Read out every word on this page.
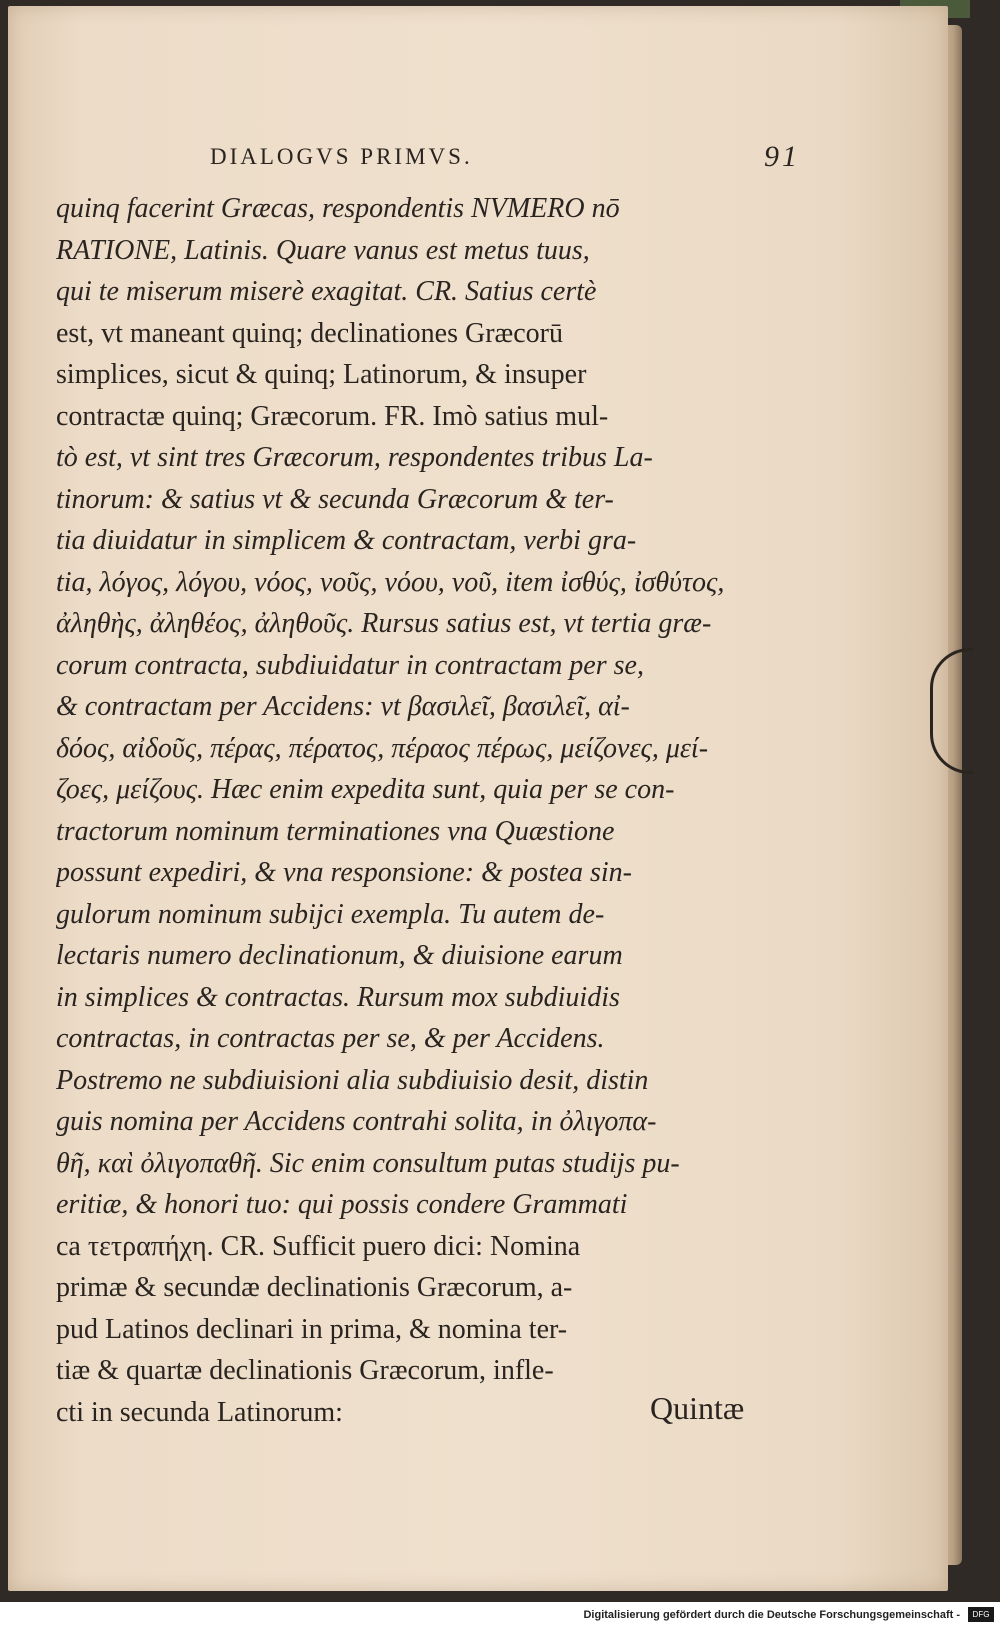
DIALOGVS PRIMVS.	91
quinq facerint Græcas, respondentis NVMERO nō
RATIONE, Latinis. Quare vanus est metus tuus,
qui te miserum miserè exagitat. CR. Satius certè
est, vt maneant quinq; declinationes Græcorū
simplices, sicut & quinq; Latinorum, & insuper
contractæ quinq; Græcorum. FR. Imò satius mul-
tò est, vt sint tres Græcorum, respondentes tribus La-
tinorum: & satius vt & secunda Græcorum & ter-
tia diuidatur in simplicem & contractam, verbi gra-
tia, λόγος, λόγου, νόος, νοῦς, νόου, νοῦ, item ἰσθύς, ἰσθύτος,
ἀληθὴς, ἀληθέος, ἀληθοῦς. Rursus satius est, vt tertia græ-
corum contracta, subdiuidatur in contractam per se,
& contractam per Accidens: vt βασιλεῖ, βασιλεῖ, αἰ-
δόος, αἰδοῦς, πέρας, πέρατος, πέραος πέρως, μείζονες, μεί-
ζοες, μείζους. Hæc enim expedita sunt, quia per se con-
tractorum nominum terminationes vna Quæstione
possunt expediri, & vna responsione: & postea sin-
gulorum nominum subijci exempla. Tu autem de-
lectaris numero declinationum, & diuisione earum
in simplices & contractas. Rursum mox subdiuidis
contractas, in contractas per se, & per Accidens.
Postremo ne subdiuisioni alia subdiuisio desit, distin
guis nomina per Accidens contrahi solita, in ὀλιγοπα-
θῆ, καὶ ὀλιγοπαθῆ. Sic enim consultum putas studijs pu-
eritiæ, & honori tuo: qui possis condere Grammati
ca τετραπήχη. CR. Sufficit puero dici: Nomina
primæ & secundæ declinationis Græcorum, a-
pud Latinos declinari in prima, & nomina ter-
tiæ & quartæ declinationis Græcorum, infle-
cti in secunda Latinorum:	Quintæ
Digitalisierung gefördert durch die Deutsche Forschungsgemeinschaft -	DFG
